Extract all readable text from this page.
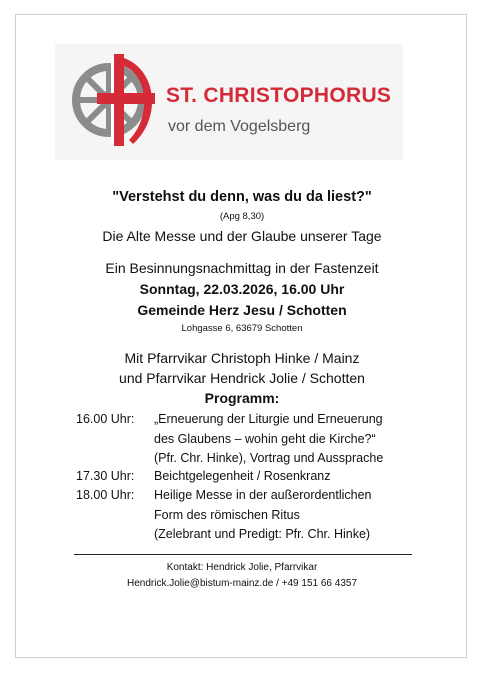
ST. CHRISTOPHORUS
vor dem Vogelsberg
"Verstehst du denn, was du da liest?"
(Apg 8,30)
Die Alte Messe und der Glaube unserer Tage
Ein Besinnungsnachmittag in der Fastenzeit
Sonntag, 22.03.2026, 16.00 Uhr
Gemeinde Herz Jesu / Schotten
Lohgasse 6, 63679 Schotten
Mit Pfarrvikar Christoph Hinke / Mainz
und Pfarrvikar Hendrick Jolie / Schotten
Programm:
16.00 Uhr:	„Erneuerung der Liturgie und Erneuerung
des Glaubens – wohin geht die Kirche?“
(Pfr. Chr. Hinke), Vortrag und Aussprache
17.30 Uhr:	Beichtgelegenheit / Rosenkranz
18.00 Uhr:	Heilige Messe in der außerordentlichen
Form des römischen Ritus
(Zelebrant und Predigt: Pfr. Chr. Hinke)
Kontakt: Hendrick Jolie, Pfarrvikar
Hendrick.Jolie@bistum-mainz.de / +49 151 66 4357
